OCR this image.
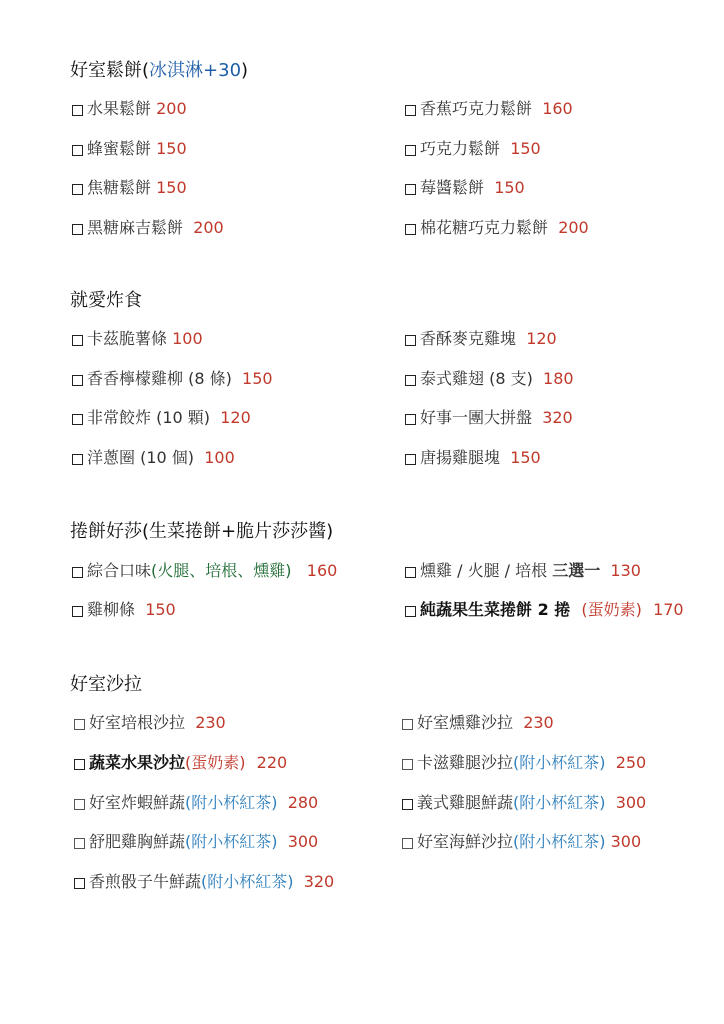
好室鬆餅(冰淇淋+30)
水果鬆餅 200
蜂蜜鬆餅 150
焦糖鬆餅 150
黑糖麻吉鬆餅 200
香蕉巧克力鬆餅 160
巧克力鬆餅 150
莓醬鬆餅 150
棉花糖巧克力鬆餅 200
就愛炸食
卡茲脆薯條 100
香香檸檬雞柳 (8 條) 150
非常餃炸 (10 顆) 120
洋蔥圈 (10 個) 100
香酥麥克雞塊 120
泰式雞翅 (8 支) 180
好事一團大拼盤 320
唐揚雞腿塊 150
捲餅好莎(生菜捲餅+脆片莎莎醬)
綜合口味(火腿、培根、燻雞) 160
雞柳條 150
燻雞 / 火腿 / 培根 三選一 130
純蔬果生菜捲餅 2 捲 (蛋奶素) 170
好室沙拉
好室培根沙拉 230
蔬菜水果沙拉(蛋奶素) 220
好室炸蝦鮮蔬(附小杯紅茶) 280
舒肥雞胸鮮蔬(附小杯紅茶) 300
香煎骰子牛鮮蔬(附小杯紅茶) 320
好室燻雞沙拉 230
卡滋雞腿沙拉(附小杯紅茶) 250
義式雞腿鮮蔬(附小杯紅茶) 300
好室海鮮沙拉(附小杯紅茶) 300
